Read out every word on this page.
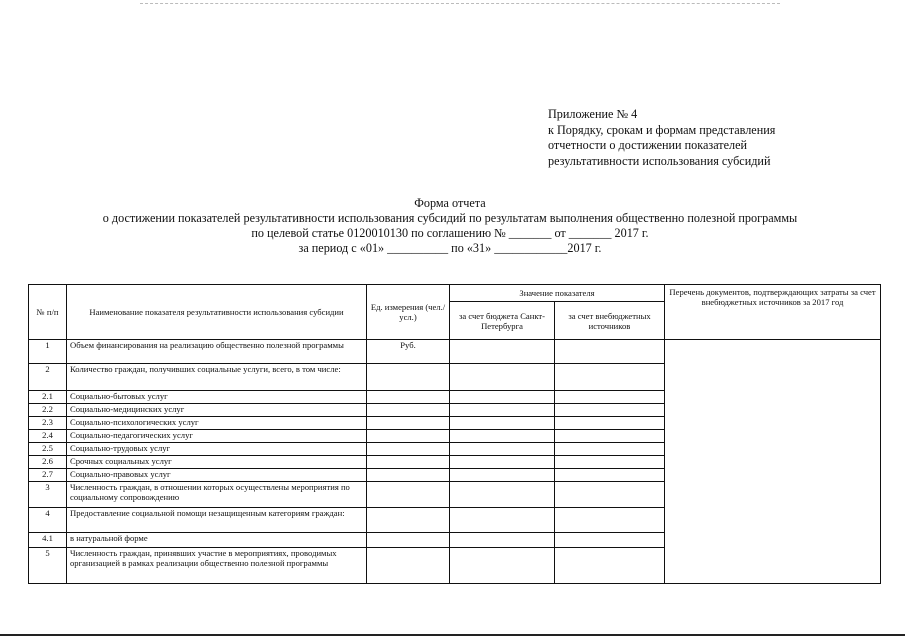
Приложение № 4
к Порядку, срокам и формам представления
отчетности о достижении показателей
результативности использования субсидий
Форма отчета
о достижении показателей результативности использования субсидий по результатам выполнения общественно полезной программы
по целевой статье 0120010130 по соглашению № _______ от _______ 2017 г.
за период с «01» __________ по «31» ____________2017 г.
№ п/п	Наименование показателя результативности использования субсидии	Ед. измерения (чел./усл.)	Значение показателя		Перечень документов, подтверждающих затраты за счет внебюджетных источников за 2017 год
			за счет бюджета Санкт-Петербурга	за счет внебюджетных источников	
1	Объем финансирования на реализацию общественно полезной программы	Руб.			
2	Количество граждан, получивших социальные услуги, всего, в том числе:				
2.1	Социально-бытовых услуг				
2.2	Социально-медицинских услуг				
2.3	Социально-психологических услуг				
2.4	Социально-педагогических услуг				
2.5	Социально-трудовых услуг				
2.6	Срочных социальных услуг				
2.7	Социально-правовых услуг				
3	Численность граждан, в отношении которых осуществлены мероприятия по социальному сопровождению				
4	Предоставление социальной помощи незащищенным категориям граждан:				
4.1	в натуральной форме				
5	Численность граждан, принявших участие в мероприятиях, проводимых организацией в рамках реализации общественно полезной программы				
